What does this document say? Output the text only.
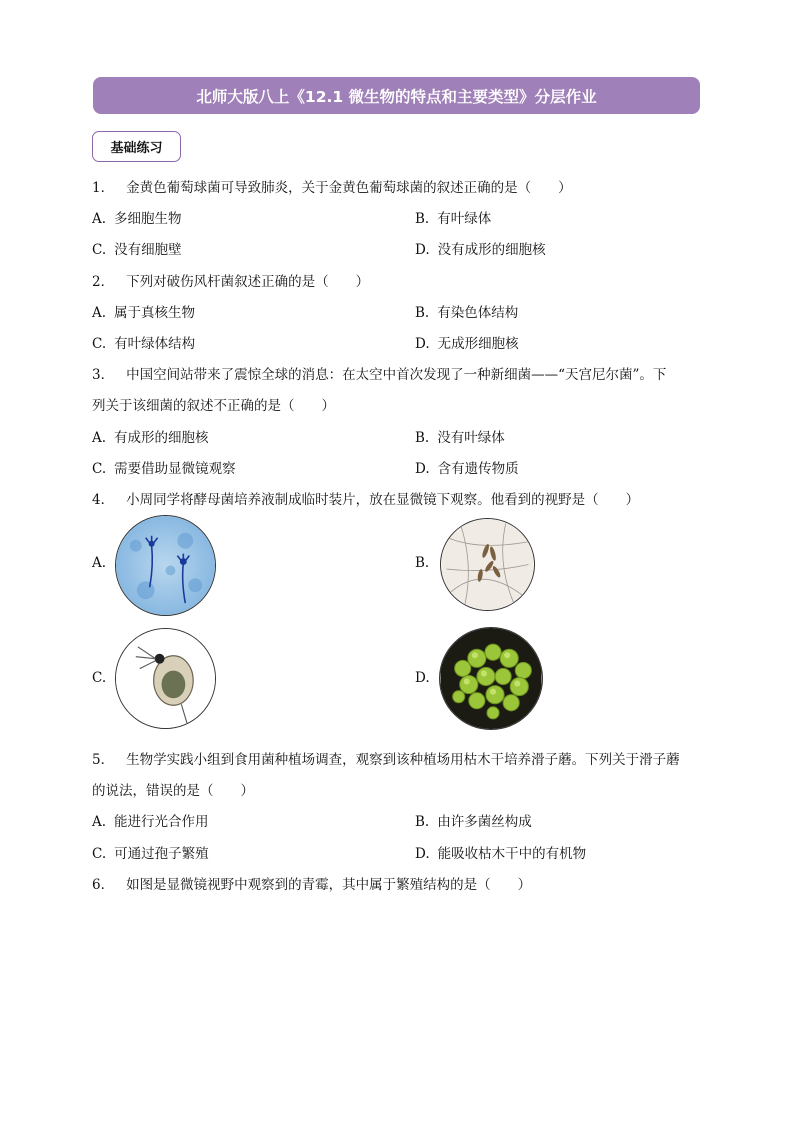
北师大版八上《12.1 微生物的特点和主要类型》分层作业
基础练习
1． 金黄色葡萄球菌可导致肺炎，关于金黄色葡萄球菌的叙述正确的是（　　）
A. 多细胞生物	B. 有叶绿体
C. 没有细胞壁	D. 没有成形的细胞核
2． 下列对破伤风杆菌叙述正确的是（　　）
A. 属于真核生物	B. 有染色体结构
C. 有叶绿体结构	D. 无成形细胞核
3． 中国空间站带来了震惊全球的消息：在太空中首次发现了一种新细菌——“天宫尼尔菌”。下
列关于该细菌的叙述不正确的是（　　）
A. 有成形的细胞核	B. 没有叶绿体
C. 需要借助显微镜观察	D. 含有遗传物质
4． 小周同学将酵母菌培养液制成临时装片，放在显微镜下观察。他看到的视野是（　　）
A.	B.
C.	D.
5． 生物学实践小组到食用菌种植场调查，观察到该种植场用枯木干培养滑子蘑。下列关于滑子蘑
的说法，错误的是（　　）
A. 能进行光合作用	B. 由许多菌丝构成
C. 可通过孢子繁殖	D. 能吸收枯木干中的有机物
6． 如图是显微镜视野中观察到的青霉，其中属于繁殖结构的是（　　）
